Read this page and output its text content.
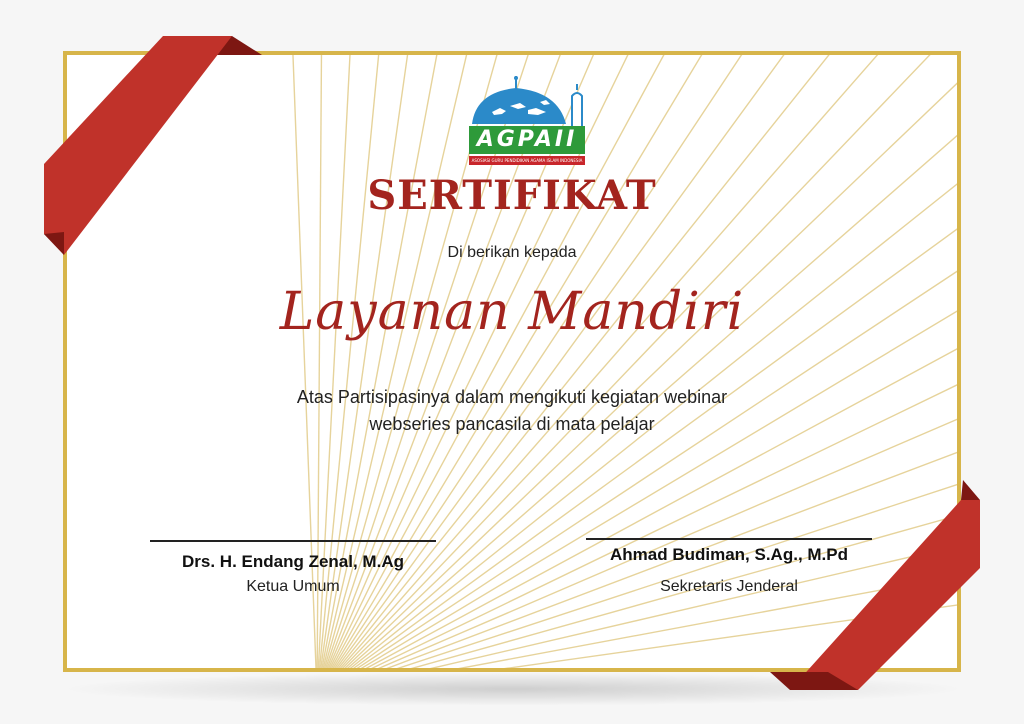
AGPAII
ASOSIASI GURU PENDIDIKAN AGAMA ISLAM INDONESIA
SERTIFIKAT
Di berikan kepada
Layanan Mandiri
Atas Partisipasinya dalam mengikuti kegiatan webinar
webseries pancasila di mata pelajar
Drs. H. Endang Zenal, M.Ag
Ketua Umum
Ahmad Budiman, S.Ag., M.Pd
Sekretaris Jenderal
